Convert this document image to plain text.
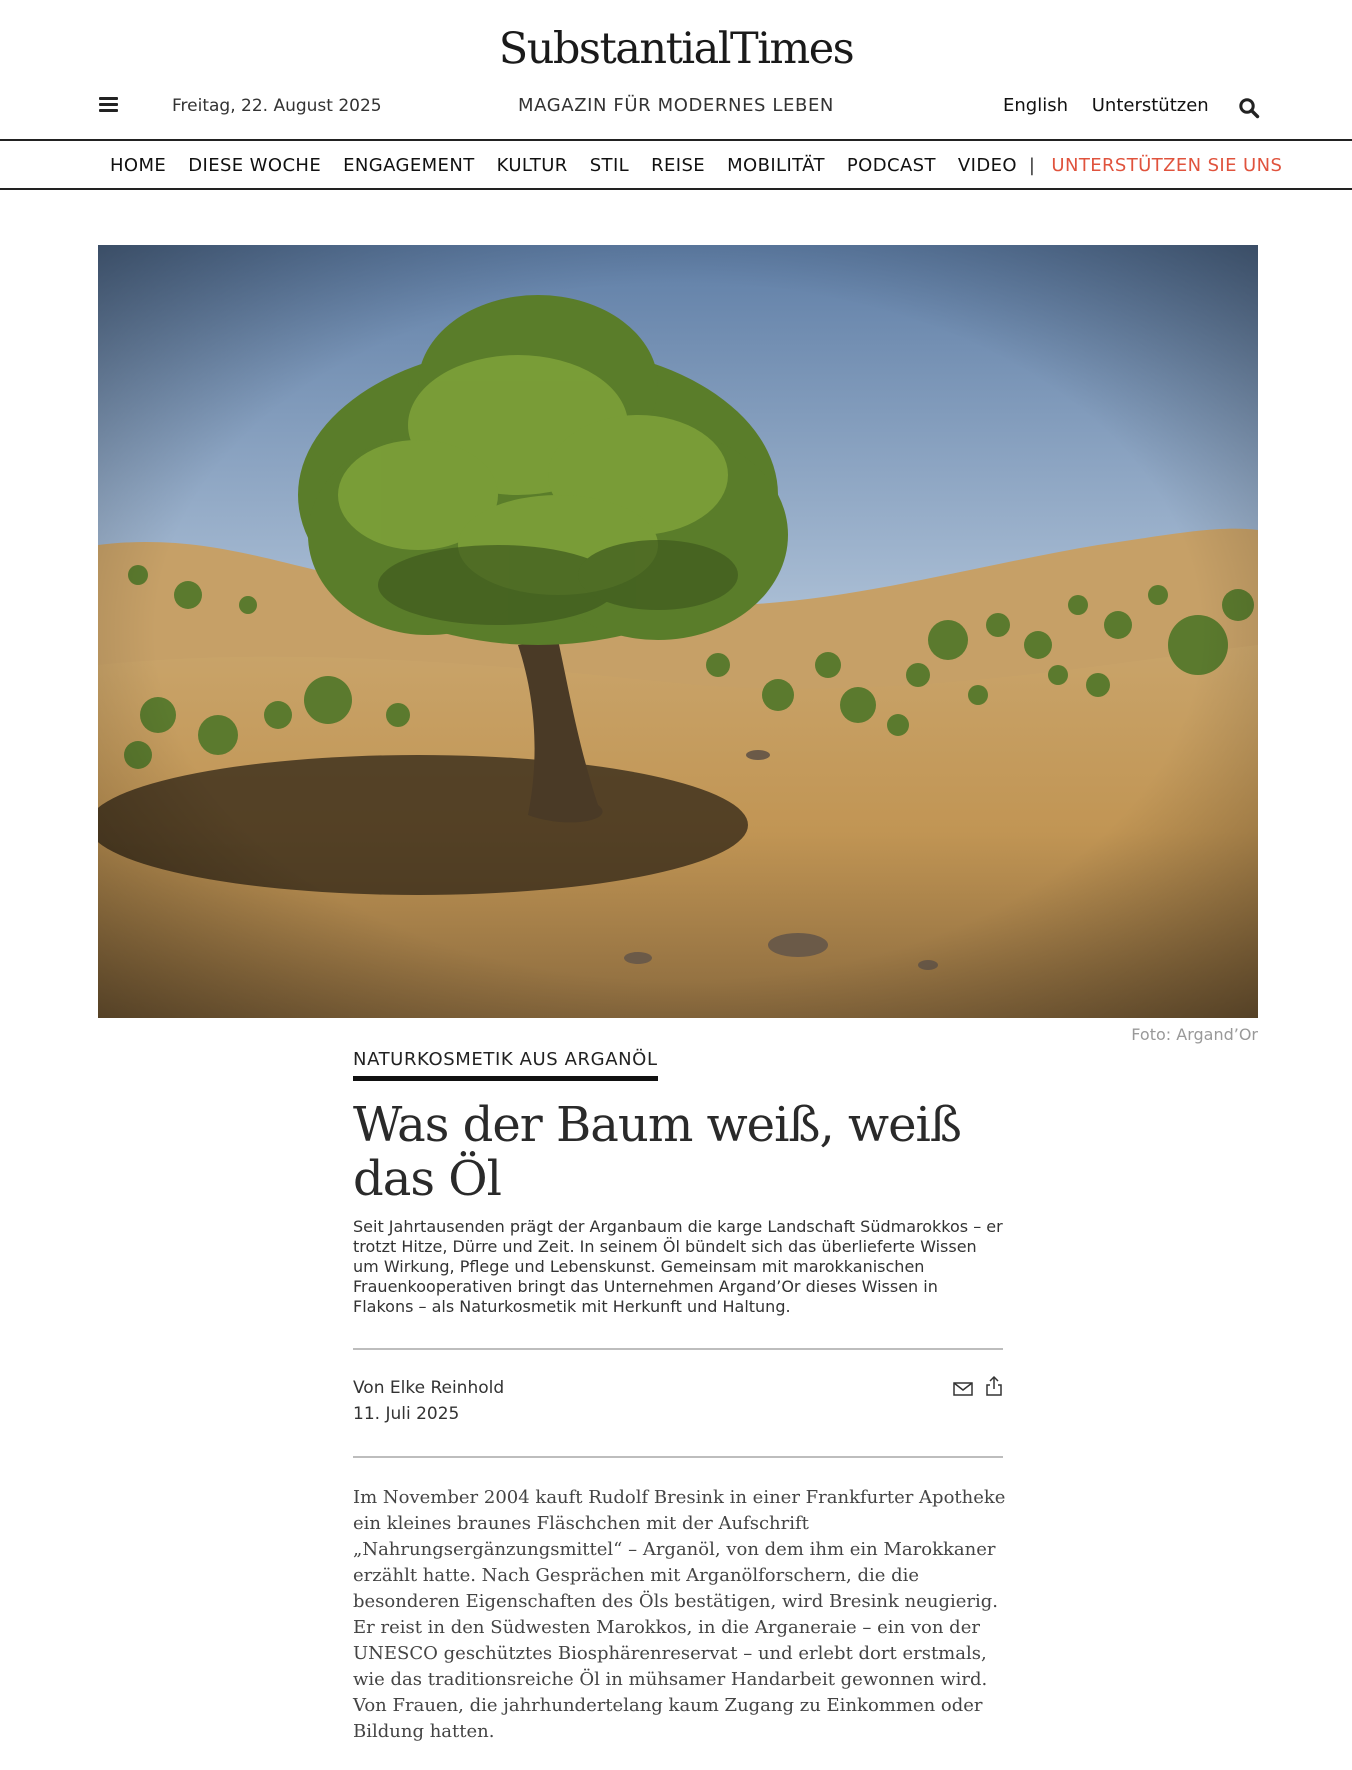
SubstantialTimes
Freitag, 22. August 2025	MAGAZIN FÜR MODERNES LEBEN	English Unterstützen
HOME DIESE WOCHE ENGAGEMENT KULTUR STIL REISE MOBILITÄT PODCAST VIDEO | UNTERSTÜTZEN SIE UNS
Foto: Argand’Or
NATURKOSMETIK AUS ARGANÖL
Was der Baum weiß, weiß das Öl

Seit Jahrtausenden prägt der Arganbaum die karge Landschaft Südmarokkos – er trotzt Hitze, Dürre und Zeit. In seinem Öl bündelt sich das überlieferte Wissen um Wirkung, Pflege und Lebenskunst. Gemeinsam mit marokkanischen Frauenkooperativen bringt das Unternehmen Argand’Or dieses Wissen in Flakons – als Naturkosmetik mit Herkunft und Haltung.

Von Elke Reinhold
11. Juli 2025

Im November 2004 kauft Rudolf Bresink in einer Frankfurter Apotheke ein kleines braunes Fläschchen mit der Aufschrift „Nahrungsergänzungsmittel“ – Arganöl, von dem ihm ein Marokkaner erzählt hatte. Nach Gesprächen mit Arganölforschern, die die besonderen Eigenschaften des Öls bestätigen, wird Bresink neugierig. Er reist in den Südwesten Marokkos, in die Arganeraie – ein von der UNESCO geschütztes Biosphärenreservat – und erlebt dort erstmals, wie das traditionsreiche Öl in mühsamer Handarbeit gewonnen wird. Von Frauen, die jahrhundertelang kaum Zugang zu Einkommen oder Bildung hatten.
